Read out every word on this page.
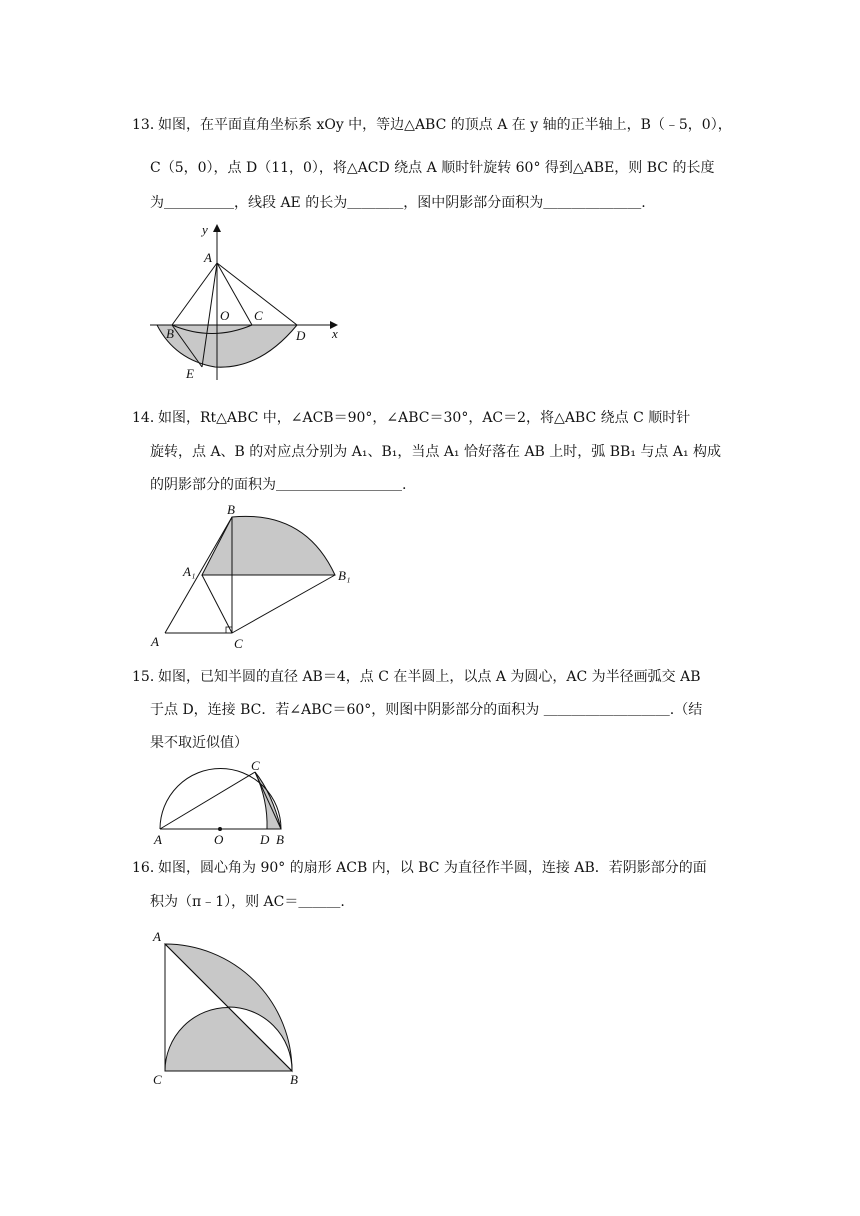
13．
如图，在平面直角坐标系 xOy 中，等边△ABC 的顶点 A 在 y 轴的正半轴上，B（﹣5，0），
C（5，0），点 D（11，0），将△ACD 绕点 A 顺时针旋转 60° 得到△ABE，则 BC 的长度
为＿＿＿＿＿，线段 AE 的长为＿＿＿＿，图中阴影部分面积为＿＿＿＿＿＿＿.
y
x
A
B
O C
D
E
14．
如图，Rt△ABC 中，∠ACB＝90°，∠ABC＝30°，AC＝2，将△ABC 绕点 C 顺时针
旋转，点 A、B 的对应点分别为 A₁、B₁，当点 A₁ 恰好落在 AB 上时，弧 BB₁ 与点 A₁ 构成
的阴影部分的面积为＿＿＿＿＿＿＿＿＿.
B
A₁	B₁
A	C
15．
如图，已知半圆的直径 AB＝4，点 C 在半圆上，以点 A 为圆心，AC 为半径画弧交 AB
于点 D，连接 BC．若∠ABC＝60°，则图中阴影部分的面积为 ＿＿＿＿＿＿＿＿＿.（结
果不取近似值）
A	O	D B
C
16．
如图，圆心角为 90° 的扇形 ACB 内，以 BC 为直径作半圆，连接 AB．若阴影部分的面
积为（π﹣1），则 AC＝＿＿＿.
A
C	B
